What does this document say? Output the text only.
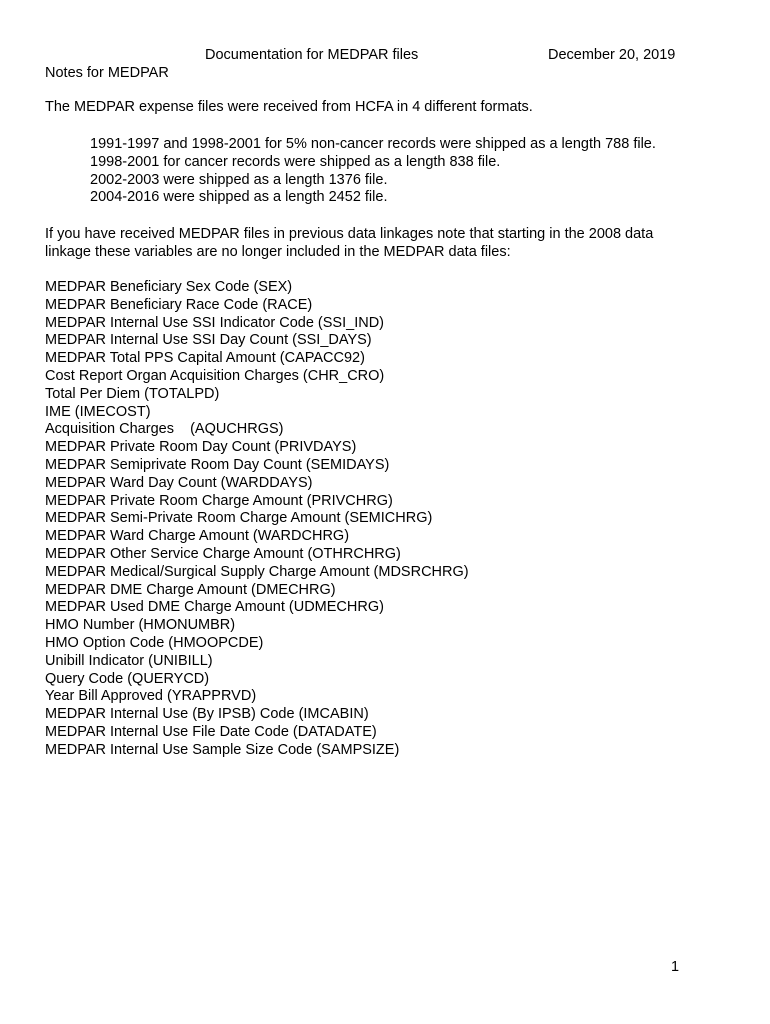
Documentation for MEDPAR files	December 20, 2019
Notes for MEDPAR
The MEDPAR expense files were received from HCFA in 4 different formats.
1991-1997 and 1998-2001 for 5% non-cancer records were shipped as a length 788 file.
1998-2001 for cancer records were shipped as a length 838 file.
2002-2003 were shipped as a length 1376 file.
2004-2016 were shipped as a length 2452 file.
If you have received MEDPAR files in previous data linkages note that starting in the 2008 data
linkage these variables are no longer included in the MEDPAR data files:
MEDPAR Beneficiary Sex Code (SEX)
MEDPAR Beneficiary Race Code (RACE)
MEDPAR Internal Use SSI Indicator Code (SSI_IND)
MEDPAR Internal Use SSI Day Count (SSI_DAYS)
MEDPAR Total PPS Capital Amount (CAPACC92)
Cost Report Organ Acquisition Charges (CHR_CRO)
Total Per Diem (TOTALPD)
IME (IMECOST)
Acquisition Charges    (AQUCHRGS)
MEDPAR Private Room Day Count (PRIVDAYS)
MEDPAR Semiprivate Room Day Count (SEMIDAYS)
MEDPAR Ward Day Count (WARDDAYS)
MEDPAR Private Room Charge Amount (PRIVCHRG)
MEDPAR Semi-Private Room Charge Amount (SEMICHRG)
MEDPAR Ward Charge Amount (WARDCHRG)
MEDPAR Other Service Charge Amount (OTHRCHRG)
MEDPAR Medical/Surgical Supply Charge Amount (MDSRCHRG)
MEDPAR DME Charge Amount (DMECHRG)
MEDPAR Used DME Charge Amount (UDMECHRG)
HMO Number (HMONUMBR)
HMO Option Code (HMOOPCDE)
Unibill Indicator (UNIBILL)
Query Code (QUERYCD)
Year Bill Approved (YRAPPRVD)
MEDPAR Internal Use (By IPSB) Code (IMCABIN)
MEDPAR Internal Use File Date Code (DATADATE)
MEDPAR Internal Use Sample Size Code (SAMPSIZE)
1
